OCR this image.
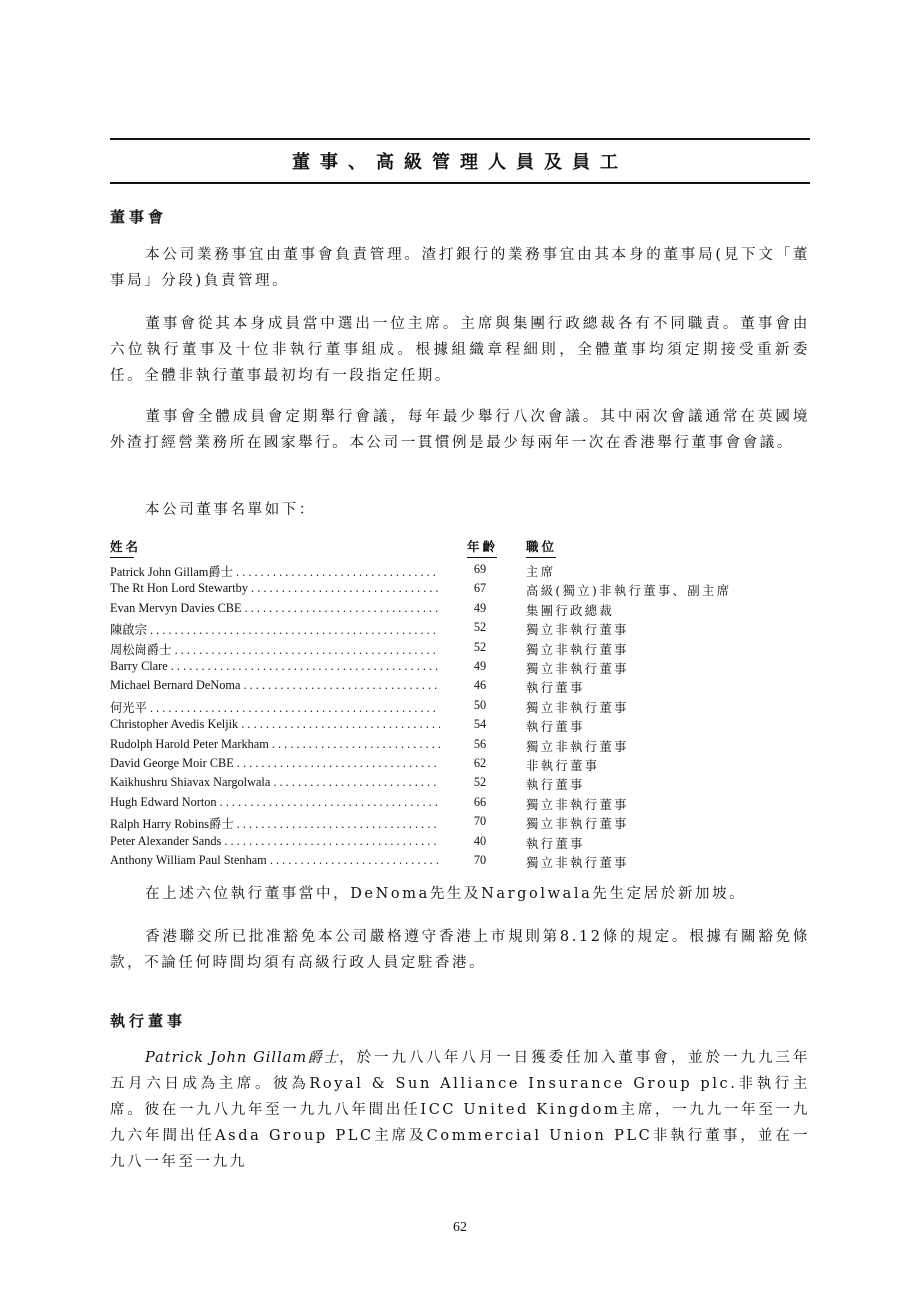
董事、高級管理人員及員工
董事會

本公司業務事宜由董事會負責管理。渣打銀行的業務事宜由其本身的董事局(見下文「董事局」分段)負責管理。

董事會從其本身成員當中選出一位主席。主席與集團行政總裁各有不同職責。董事會由六位執行董事及十位非執行董事組成。根據組織章程細則，全體董事均須定期接受重新委任。全體非執行董事最初均有一段指定任期。

董事會全體成員會定期舉行會議，每年最少舉行八次會議。其中兩次會議通常在英國境外渣打經營業務所在國家舉行。本公司一貫慣例是最少每兩年一次在香港舉行董事會會議。

本公司董事名單如下：

姓名	年齡 職位
Patrick John Gillam爵士 . . .	69	主席
The Rt Hon Lord Stewartby . . .	67	高級(獨立)非執行董事、副主席
Evan Mervyn Davies CBE . . .	49	集團行政總裁
陳啟宗 . . .	52	獨立非執行董事
周松崗爵士 . . .	52	獨立非執行董事
Barry Clare . . .	49	獨立非執行董事
Michael Bernard DeNoma . . .	46	執行董事
何光平 . . .	50	獨立非執行董事
Christopher Avedis Keljik . . .	54	執行董事
Rudolph Harold Peter Markham . . .	56	獨立非執行董事
David George Moir CBE . . .	62	非執行董事
Kaikhushru Shiavax Nargolwala . . .	52	執行董事
Hugh Edward Norton . . .	66	獨立非執行董事
Ralph Harry Robins爵士 . . .	70	獨立非執行董事
Peter Alexander Sands . . .	40	執行董事
Anthony William Paul Stenham . . .	70	獨立非執行董事

在上述六位執行董事當中，DeNoma先生及Nargolwala先生定居於新加坡。

香港聯交所已批准豁免本公司嚴格遵守香港上市規則第8.12條的規定。根據有關豁免條款，不論任何時間均須有高級行政人員定駐香港。

執行董事

Patrick John Gillam爵士，於一九八八年八月一日獲委任加入董事會，並於一九九三年五月六日成為主席。彼為Royal & Sun Alliance Insurance Group plc.非執行主席。彼在一九八九年至一九九八年間出任ICC United Kingdom主席，一九九一年至一九九六年間出任Asda Group PLC主席及Commercial Union PLC非執行董事，並在一九八一年至一九九

62
